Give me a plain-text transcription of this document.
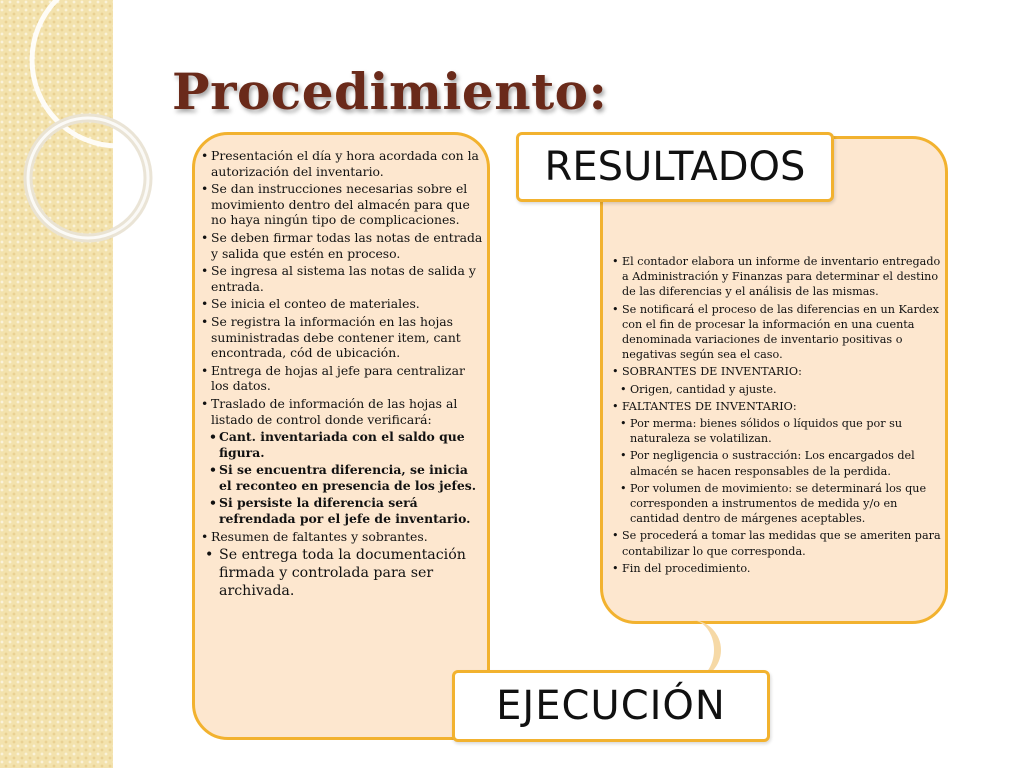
Procedimiento:
RESULTADOS
EJECUCIÓN
• Presentación el día y hora acordada con la autorización del inventario.
• Se dan instrucciones necesarias sobre el movimiento dentro del almacén para que no haya ningún tipo de complicaciones.
• Se deben firmar todas las notas de entrada y salida que estén en proceso.
• Se ingresa al sistema las notas de salida y entrada.
• Se inicia el conteo de materiales.
• Se registra la información en las hojas suministradas debe contener item, cant encontrada, cód de ubicación.
• Entrega de hojas al jefe para centralizar los datos.
• Traslado de información de las hojas al listado de control donde verificará:
• Cant. inventariada con el saldo que figura.
• Si se encuentra diferencia, se inicia el reconteo en presencia de los jefes.
• Si persiste la diferencia será refrendada por el jefe de inventario.
• Resumen de faltantes y sobrantes.
• Se entrega toda la documentación firmada y controlada para ser archivada.
• El contador elabora un informe de inventario entregado a Administración y Finanzas para determinar el destino de las diferencias y el análisis de las mismas.
• Se notificará el proceso de las diferencias en un Kardex con el fin de procesar la información en una cuenta denominada variaciones de inventario positivas o negativas según sea el caso.
• SOBRANTES DE INVENTARIO:
• Origen, cantidad y ajuste.
• FALTANTES DE INVENTARIO:
• Por merma: bienes sólidos o líquidos que por su naturaleza se volatilizan.
• Por negligencia o sustracción: Los encargados del almacén se hacen responsables de la perdida.
• Por volumen de movimiento: se determinará los que corresponden a instrumentos de medida y/o en cantidad dentro de márgenes aceptables.
• Se procederá a tomar las medidas que se ameriten para contabilizar lo que corresponda.
• Fin del procedimiento.
